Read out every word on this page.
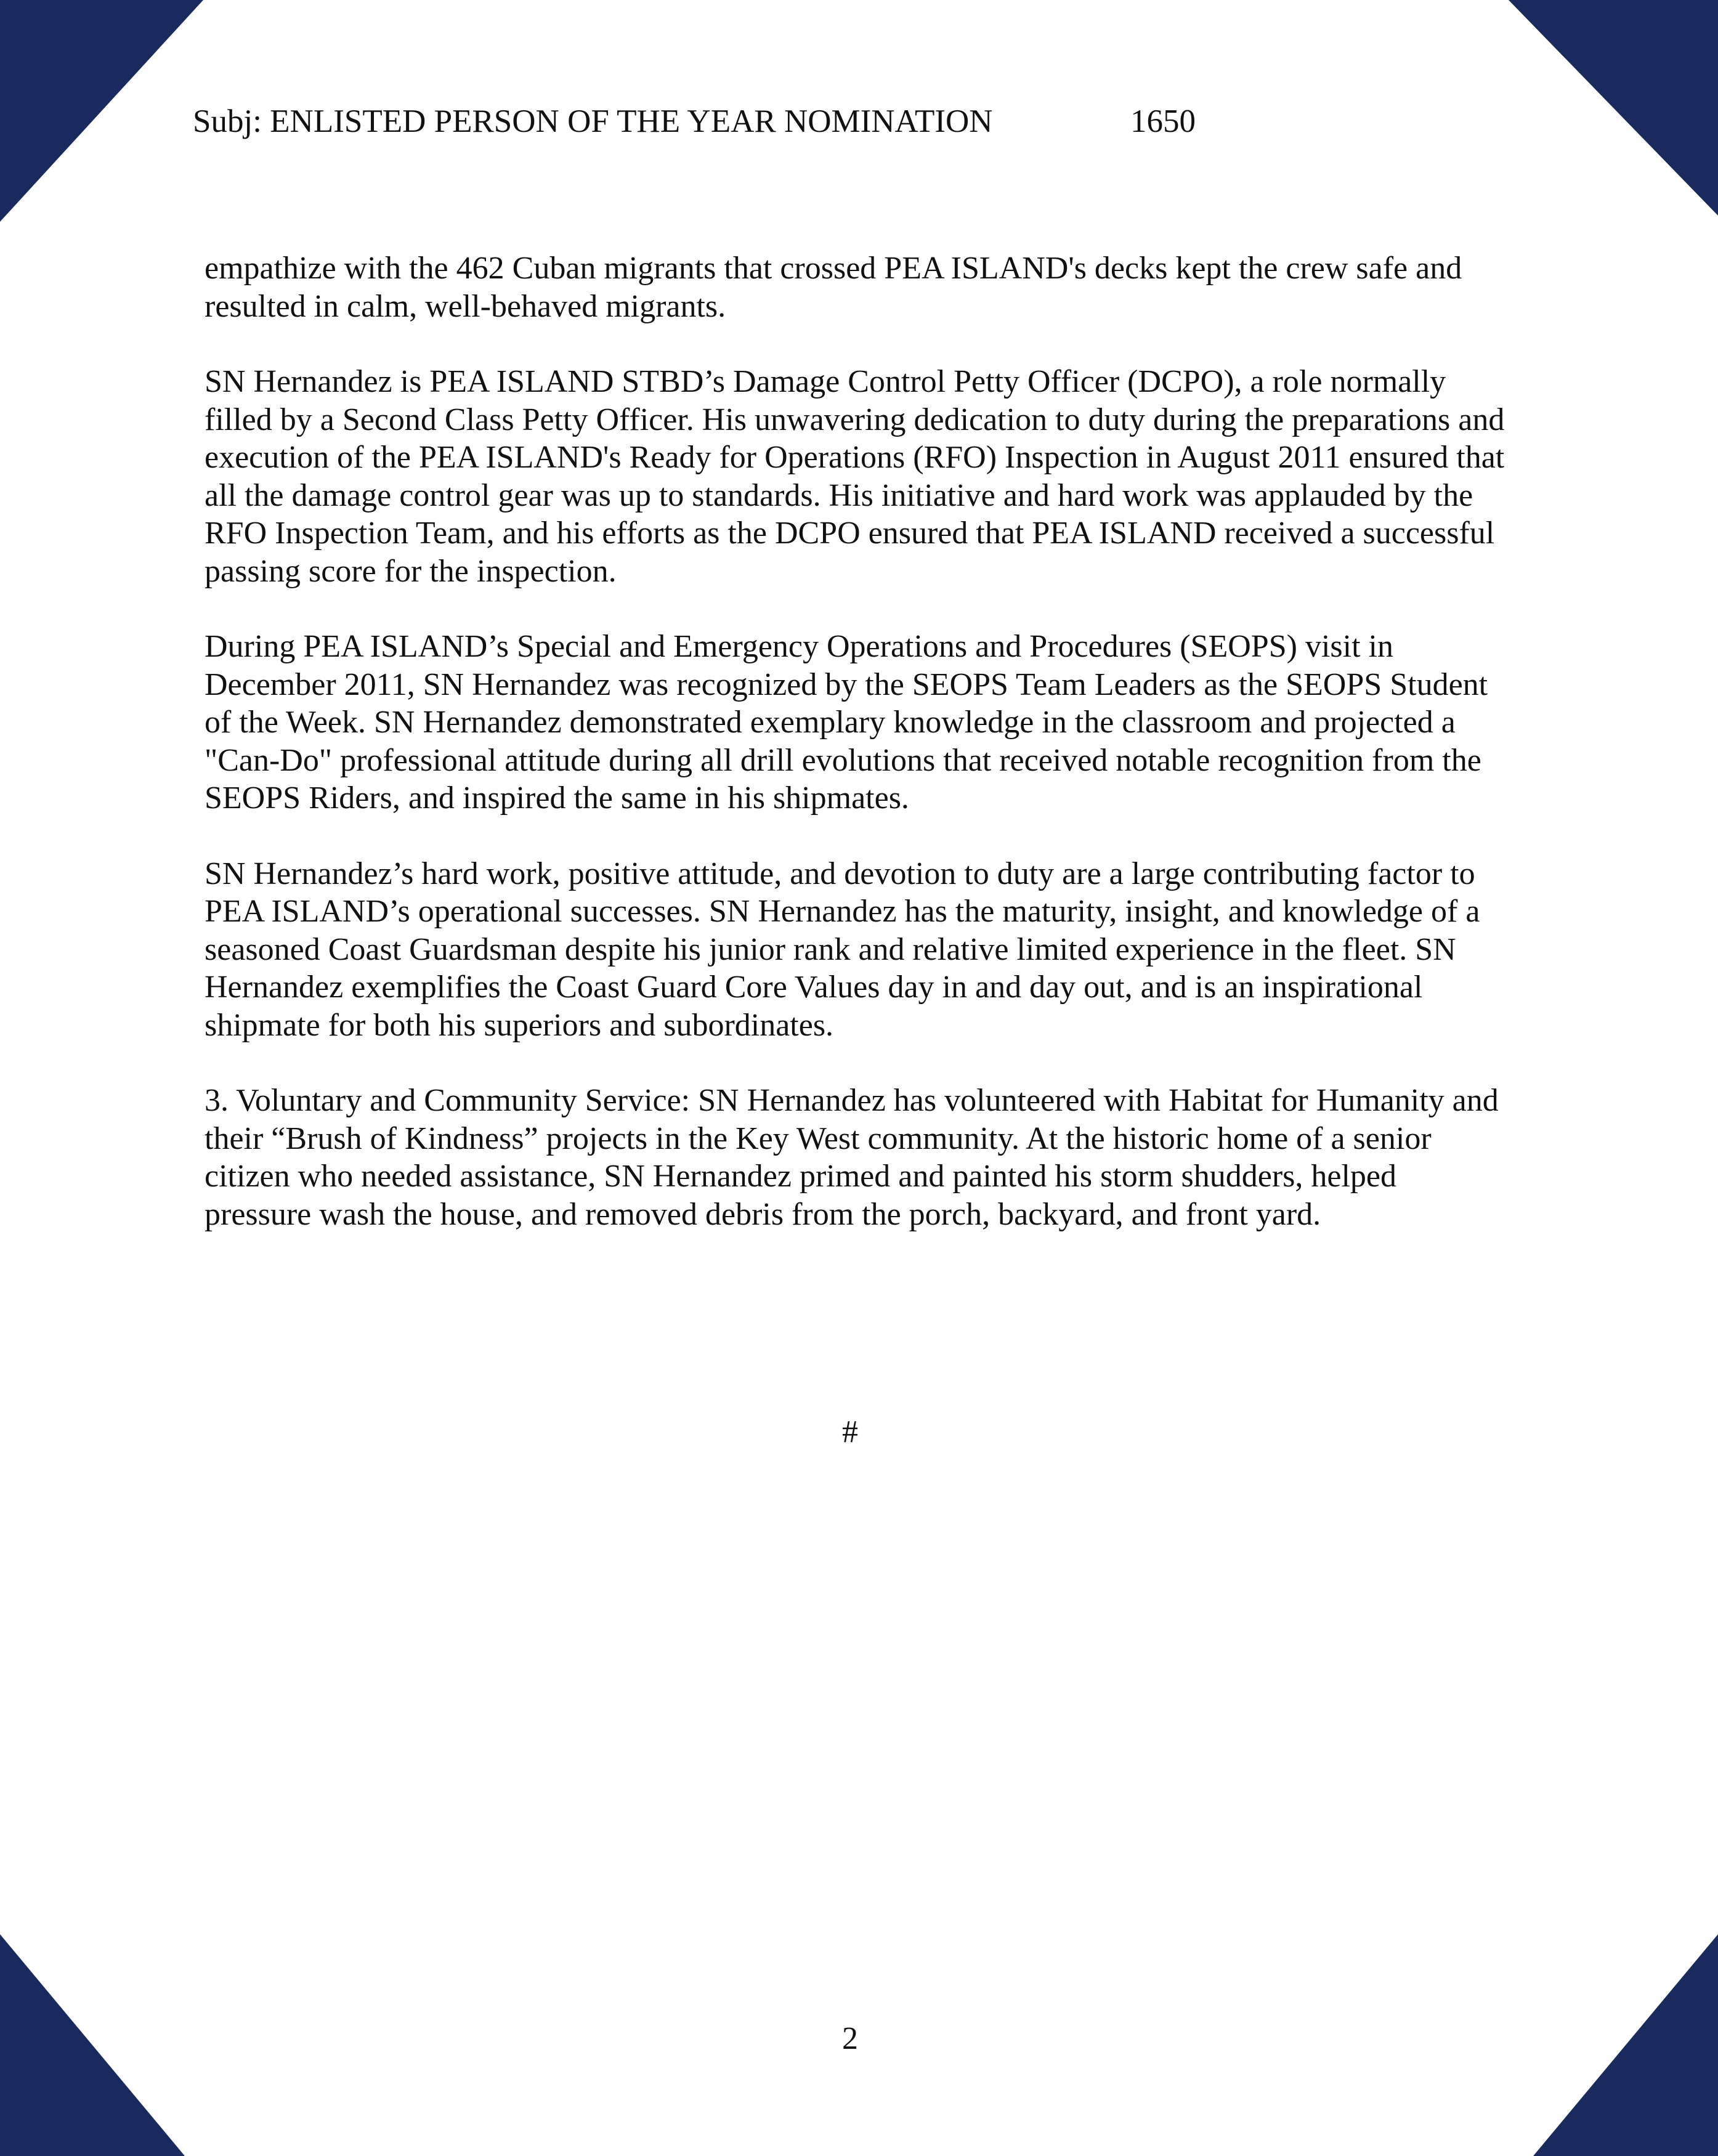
Subj: ENLISTED PERSON OF THE YEAR NOMINATION	1650

empathize with the 462 Cuban migrants that crossed PEA ISLAND's decks kept the crew safe and resulted in calm, well-behaved migrants.

SN Hernandez is PEA ISLAND STBD’s Damage Control Petty Officer (DCPO), a role normally filled by a Second Class Petty Officer. His unwavering dedication to duty during the preparations and execution of the PEA ISLAND's Ready for Operations (RFO) Inspection in August 2011 ensured that all the damage control gear was up to standards. His initiative and hard work was applauded by the RFO Inspection Team, and his efforts as the DCPO ensured that PEA ISLAND received a successful passing score for the inspection.

During PEA ISLAND’s Special and Emergency Operations and Procedures (SEOPS) visit in December 2011, SN Hernandez was recognized by the SEOPS Team Leaders as the SEOPS Student of the Week. SN Hernandez demonstrated exemplary knowledge in the classroom and projected a "Can-Do" professional attitude during all drill evolutions that received notable recognition from the SEOPS Riders, and inspired the same in his shipmates.

SN Hernandez’s hard work, positive attitude, and devotion to duty are a large contributing factor to PEA ISLAND’s operational successes. SN Hernandez has the maturity, insight, and knowledge of a seasoned Coast Guardsman despite his junior rank and relative limited experience in the fleet. SN Hernandez exemplifies the Coast Guard Core Values day in and day out, and is an inspirational shipmate for both his superiors and subordinates.

3. Voluntary and Community Service: SN Hernandez has volunteered with Habitat for Humanity and their “Brush of Kindness” projects in the Key West community. At the historic home of a senior citizen who needed assistance, SN Hernandez primed and painted his storm shudders, helped pressure wash the house, and removed debris from the porch, backyard, and front yard.

#
2
